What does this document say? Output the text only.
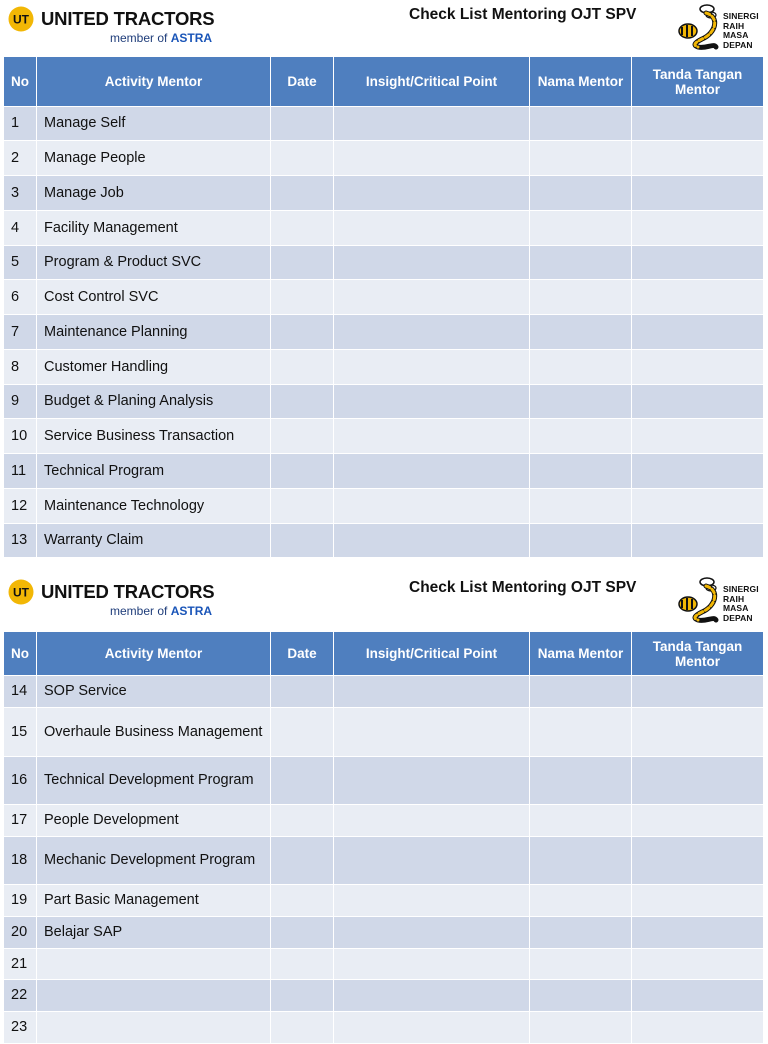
UT UNITED TRACTORS
member of ASTRA
Check List Mentoring OJT SPV	SINERGI
RAIH
MASA
DEPAN
No	Activity Mentor	Date	Insight/Critical Point	Nama Mentor	Tanda Tangan Mentor
1	Manage Self				
2	Manage People				
3	Manage Job				
4	Facility Management				
5	Program & Product SVC				
6	Cost Control SVC				
7	Maintenance Planning				
8	Customer Handling				
9	Budget & Planing Analysis				
10	Service Business Transaction				
11	Technical Program				
12	Maintenance Technology				
13	Warranty Claim				
UT UNITED TRACTORS
member of ASTRA
Check List Mentoring OJT SPV	SINERGI
RAIH
MASA
DEPAN
No	Activity Mentor	Date	Insight/Critical Point	Nama Mentor	Tanda Tangan Mentor
14	SOP Service				
15	Overhaule Business Management				
16	Technical Development Program				
17	People Development				
18	Mechanic Development Program				
19	Part Basic Management				
20	Belajar SAP				
21					
22					
23					
